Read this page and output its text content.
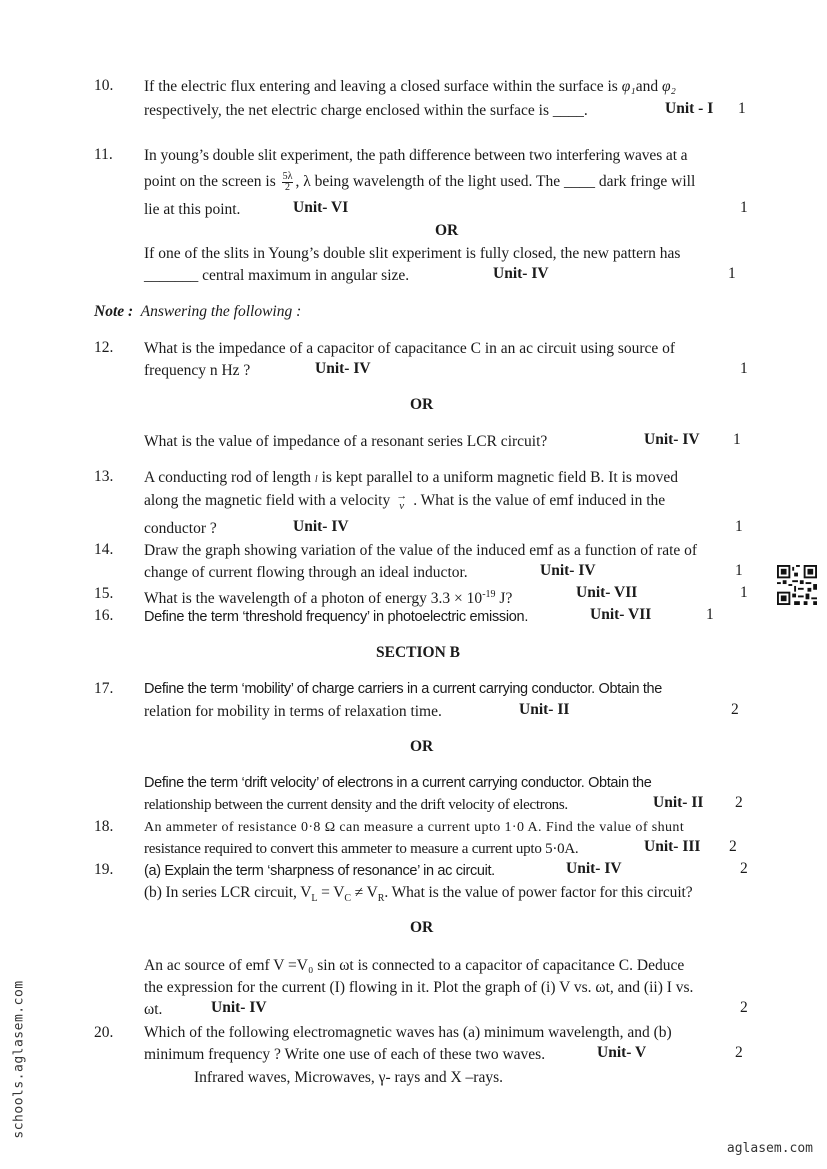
10.	If the electric flux entering and leaving a closed surface within the surface is φ₁and φ₂
respectively, the net electric charge enclosed within the surface is ____.	Unit - I 1
11.	In young’s double slit experiment, the path difference between two interfering waves at a
point on the screen is $\frac{5\lambda}{2}$ , λ being wavelength of the light used. The ____ dark fringe will
lie at this point.	Unit- VI	1
OR
If one of the slits in Young’s double slit experiment is fully closed, the new pattern has
_______ central maximum in angular size.	Unit- IV	1
Note : Answering the following :
12.	What is the impedance of a capacitor of capacitance C in an ac circuit using source of
frequency n Hz ?	Unit- IV	1
OR
What is the value of impedance of a resonant series LCR circuit?	Unit- IV 1
13.	A conducting rod of length l is kept parallel to a uniform magnetic field B. It is moved
along the magnetic field with a velocity →
v . What is the value of emf induced in the
conductor ?	Unit- IV	1
14.	Draw the graph showing variation of the value of the induced emf as a function of rate of
change of current flowing through an ideal inductor.	Unit- IV	1
15.	What is the wavelength of a photon of energy $3.3 \times 10^{-19}$ J?	Unit- VII	1
16.	Define the term ‘threshold frequency’ in photoelectric emission.	Unit- VII	1
SECTION B
17.	Define the term ‘mobility’ of charge carriers in a current carrying conductor. Obtain the
relation for mobility in terms of relaxation time.	Unit- II	2
OR
Define the term ‘drift velocity’ of electrons in a current carrying conductor. Obtain the
relationship between the current density and the drift velocity of electrons.	Unit- II 2
18.	An ammeter of resistance 0·8 Ω can measure a current upto 1·0 A. Find the value of shunt
resistance required to convert this ammeter to measure a current upto 5·0A.	Unit- III 2
19.	(a) Explain the term ‘sharpness of resonance’ in ac circuit.	Unit- IV	2
(b) In series LCR circuit, $V_L = V_C \ne V_R$. What is the value of power factor for this circuit?
OR
An ac source of emf V =V₀ sin ωt is connected to a capacitor of capacitance C. Deduce
the expression for the current (I) flowing in it. Plot the graph of (i) V vs. ωt, and (ii) I vs.
ωt.	Unit- IV	2
20.	Which of the following electromagnetic waves has (a) minimum wavelength, and (b)
minimum frequency ? Write one use of each of these two waves.	Unit- V	2
Infrared waves, Microwaves, γ- rays and X –rays.
schools.aglasem.com
aglasem.com
